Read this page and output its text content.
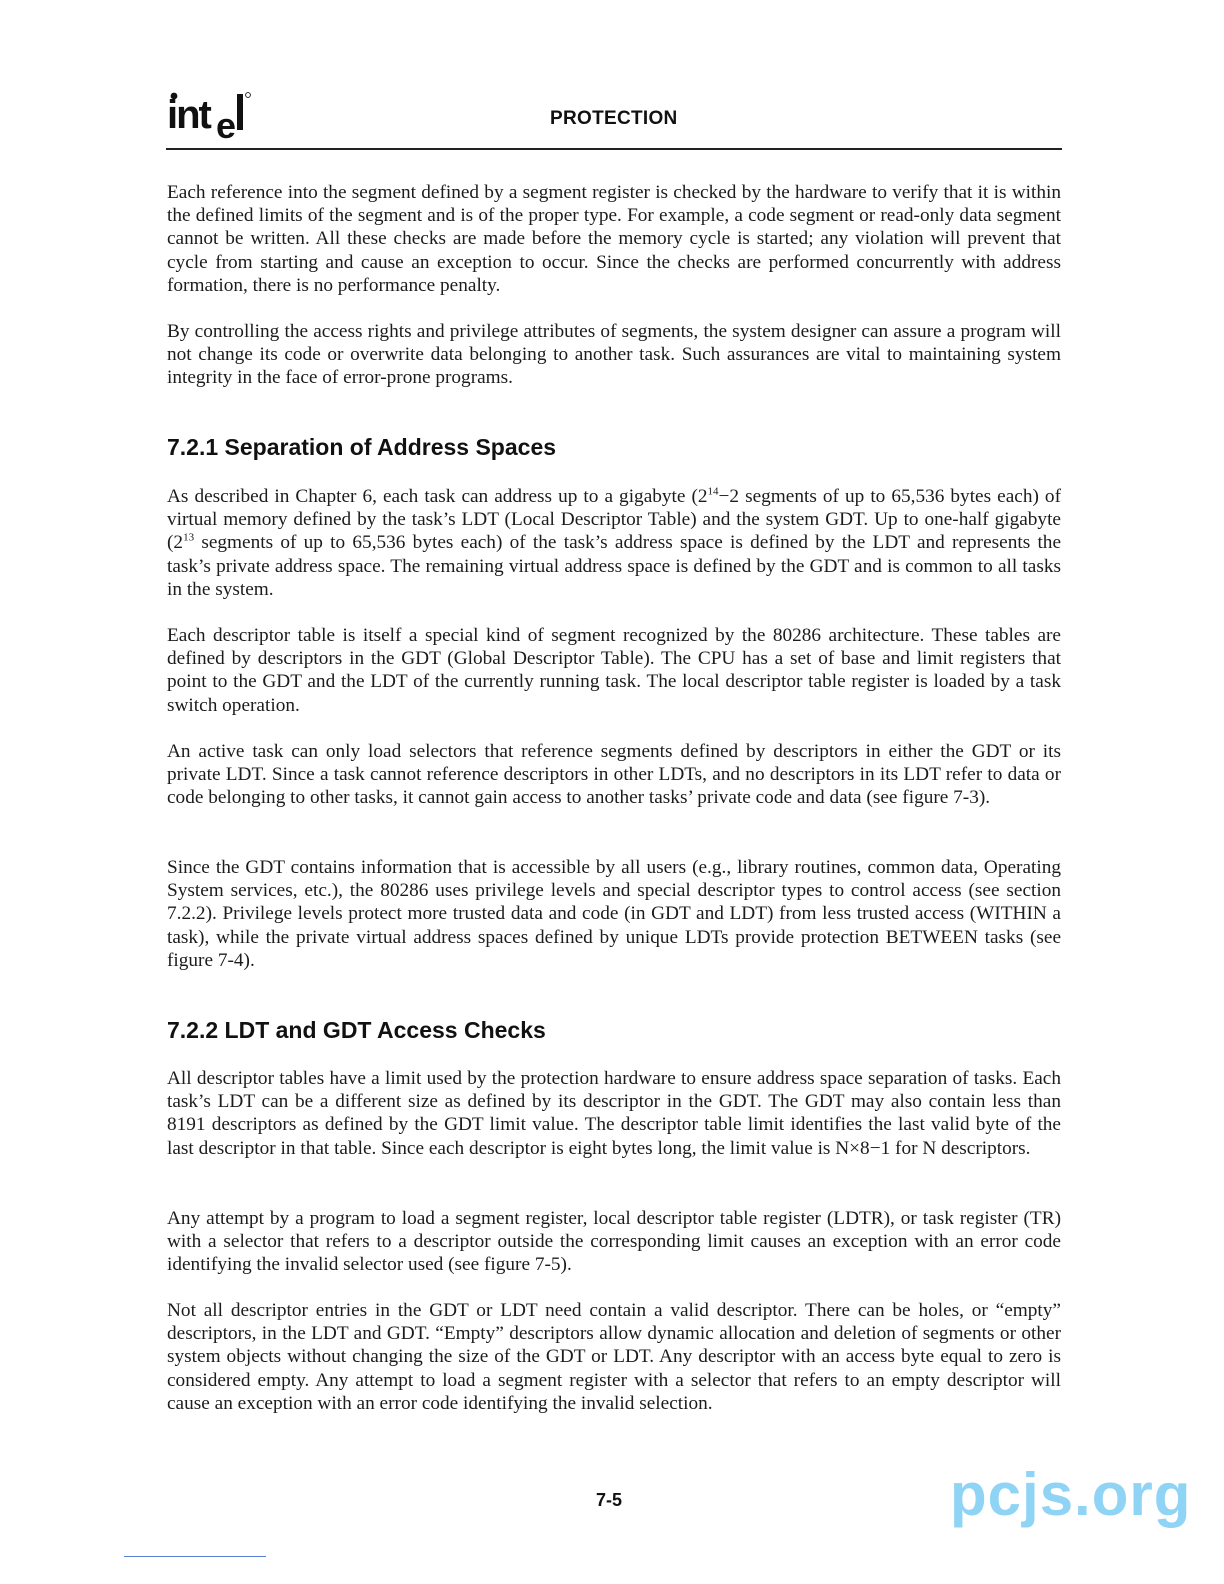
int e	PROTECTION

Each reference into the segment defined by a segment register is checked by the hardware to verify that it is within the defined limits of the segment and is of the proper type. For example, a code segment or read-only data segment cannot be written. All these checks are made before the memory cycle is started; any violation will prevent that cycle from starting and cause an exception to occur. Since the checks are performed concurrently with address formation, there is no performance penalty.

By controlling the access rights and privilege attributes of segments, the system designer can assure a program will not change its code or overwrite data belonging to another task. Such assurances are vital to maintaining system integrity in the face of error-prone programs.

7.2.1 Separation of Address Spaces

As described in Chapter 6, each task can address up to a gigabyte ($2^{14}-2$ segments of up to 65,536 bytes each) of virtual memory defined by the task’s LDT (Local Descriptor Table) and the system GDT. Up to one-half gigabyte ($2^{13}$ segments of up to 65,536 bytes each) of the task’s address space is defined by the LDT and represents the task’s private address space. The remaining virtual address space is defined by the GDT and is common to all tasks in the system.

Each descriptor table is itself a special kind of segment recognized by the 80286 architecture. These tables are defined by descriptors in the GDT (Global Descriptor Table). The CPU has a set of base and limit registers that point to the GDT and the LDT of the currently running task. The local descriptor table register is loaded by a task switch operation.

An active task can only load selectors that reference segments defined by descriptors in either the GDT or its private LDT. Since a task cannot reference descriptors in other LDTs, and no descriptors in its LDT refer to data or code belonging to other tasks, it cannot gain access to another tasks’ private code and data (see figure 7-3).

Since the GDT contains information that is accessible by all users (e.g., library routines, common data, Operating System services, etc.), the 80286 uses privilege levels and special descriptor types to control access (see section 7.2.2). Privilege levels protect more trusted data and code (in GDT and LDT) from less trusted access (WITHIN a task), while the private virtual address spaces defined by unique LDTs provide protection BETWEEN tasks (see figure 7-4).

7.2.2 LDT and GDT Access Checks

All descriptor tables have a limit used by the protection hardware to ensure address space separation of tasks. Each task’s LDT can be a different size as defined by its descriptor in the GDT. The GDT may also contain less than 8191 descriptors as defined by the GDT limit value. The descriptor table limit identifies the last valid byte of the last descriptor in that table. Since each descriptor is eight bytes long, the limit value is N×8−1 for N descriptors.

Any attempt by a program to load a segment register, local descriptor table register (LDTR), or task register (TR) with a selector that refers to a descriptor outside the corresponding limit causes an exception with an error code identifying the invalid selector used (see figure 7-5).

Not all descriptor entries in the GDT or LDT need contain a valid descriptor. There can be holes, or “empty” descriptors, in the LDT and GDT. “Empty” descriptors allow dynamic allocation and deletion of segments or other system objects without changing the size of the GDT or LDT. Any descriptor with an access byte equal to zero is considered empty. Any attempt to load a segment register with a selector that refers to an empty descriptor will cause an exception with an error code identifying the invalid selection.

7-5	pcjs.org
